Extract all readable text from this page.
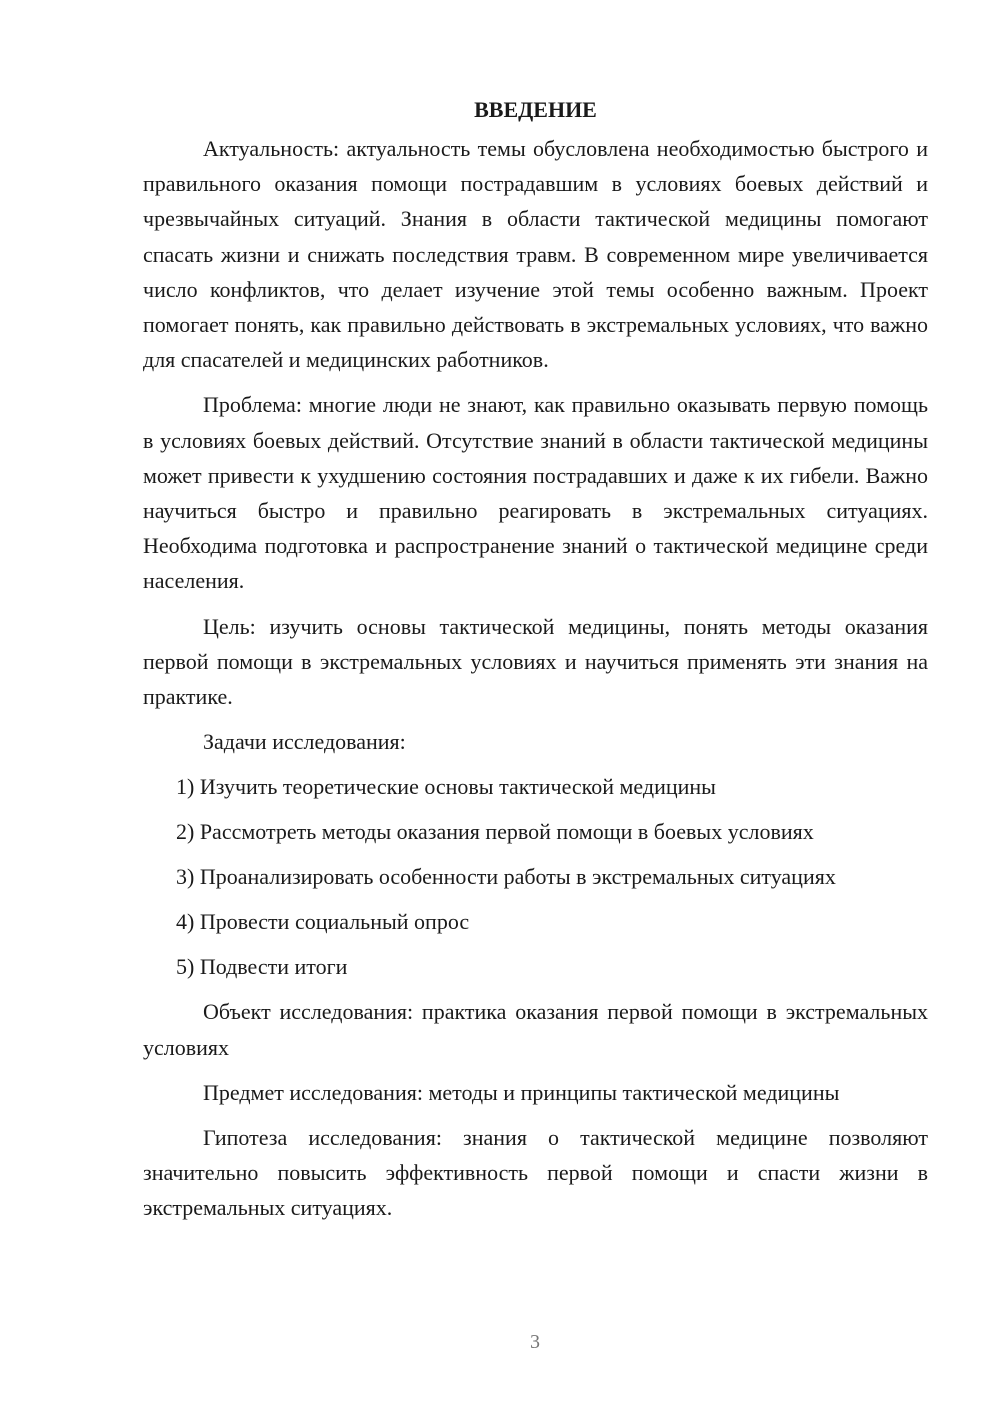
ВВЕДЕНИЕ

Актуальность: актуальность темы обусловлена необходимостью быстрого и правильного оказания помощи пострадавшим в условиях боевых действий и чрезвычайных ситуаций. Знания в области тактической медицины помогают спасать жизни и снижать последствия травм. В современном мире увеличивается число конфликтов, что делает изучение этой темы особенно важным. Проект помогает понять, как правильно действовать в экстремальных условиях, что важно для спасателей и медицинских работников.

Проблема: многие люди не знают, как правильно оказывать первую помощь в условиях боевых действий. Отсутствие знаний в области тактической медицины может привести к ухудшению состояния пострадавших и даже к их гибели. Важно научиться быстро и правильно реагировать в экстремальных ситуациях. Необходима подготовка и распространение знаний о тактической медицине среди населения.

Цель: изучить основы тактической медицины, понять методы оказания первой помощи в экстремальных условиях и научиться применять эти знания на практике.

Задачи исследования:

1) Изучить теоретические основы тактической медицины
2) Рассмотреть методы оказания первой помощи в боевых условиях
3) Проанализировать особенности работы в экстремальных ситуациях
4) Провести социальный опрос
5) Подвести итоги

Объект исследования: практика оказания первой помощи в экстремальных условиях

Предмет исследования: методы и принципы тактической медицины

Гипотеза исследования: знания о тактической медицине позволяют значительно повысить эффективность первой помощи и спасти жизни в экстремальных ситуациях.

3
